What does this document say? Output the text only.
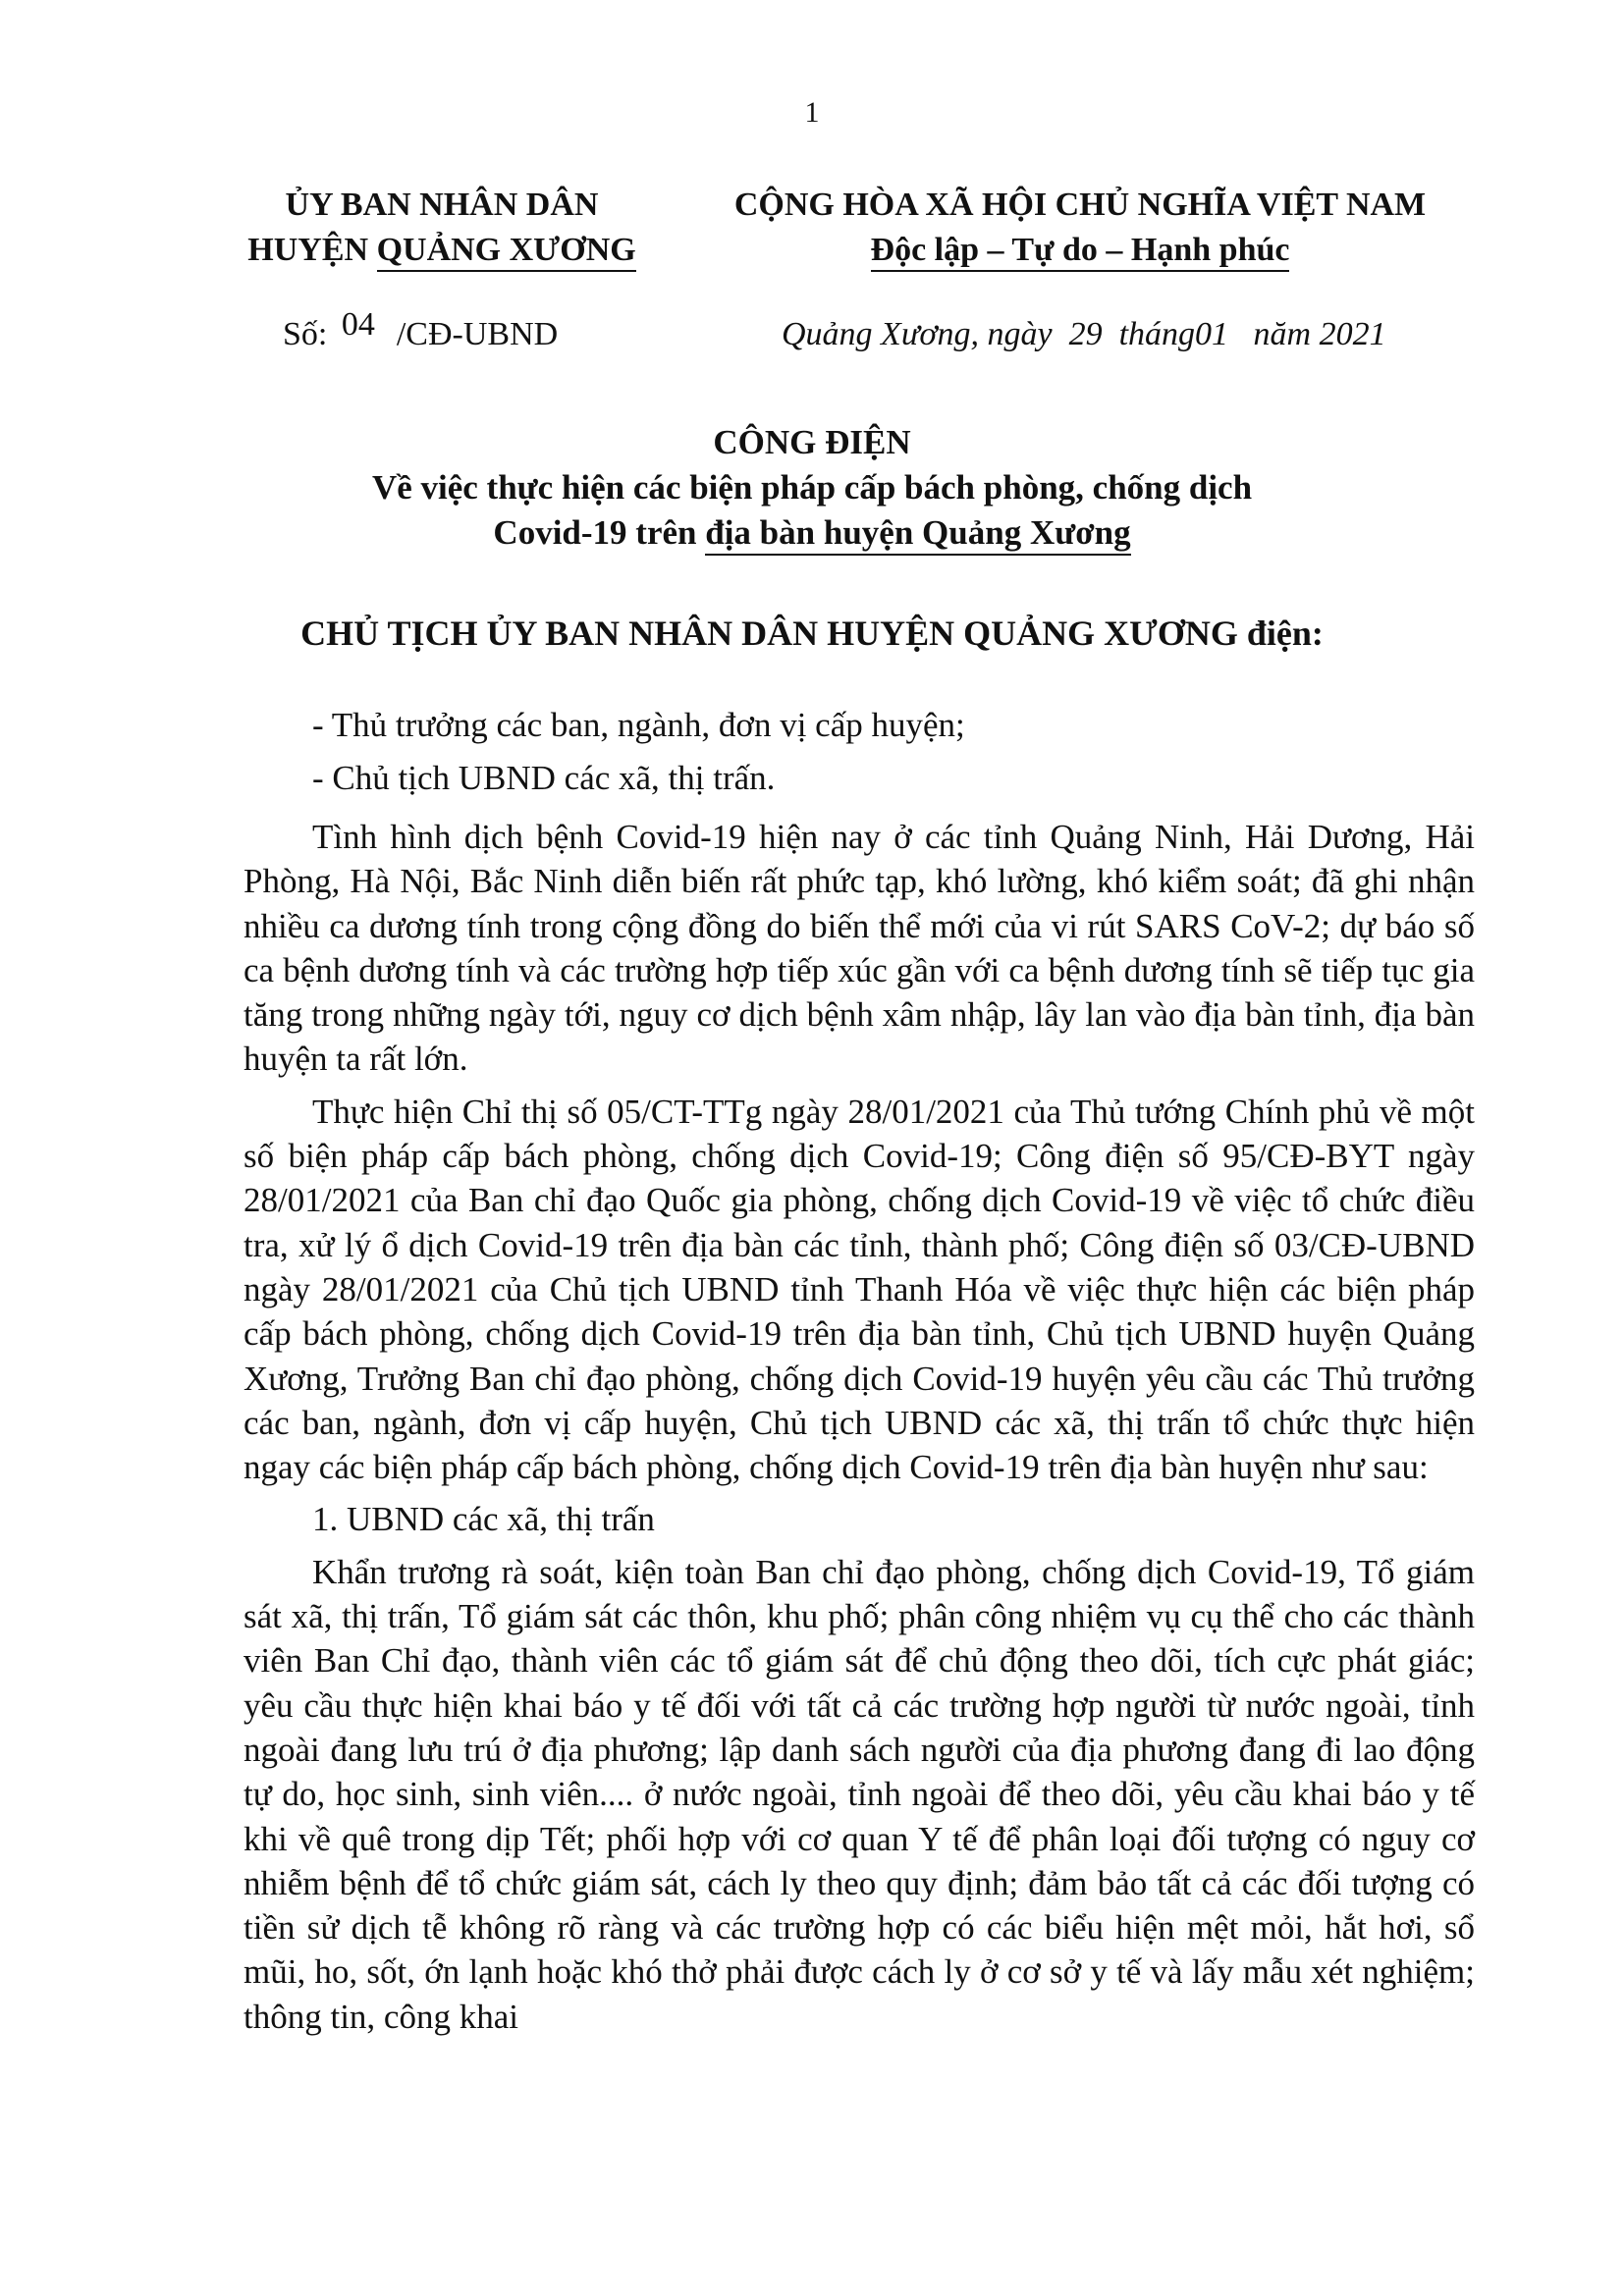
1
ỦY BAN NHÂN DÂN
HUYỆN QUẢNG XƯƠNG
CỘNG HÒA XÃ HỘI CHỦ NGHĨA VIỆT NAM
Độc lập – Tự do – Hạnh phúc
Số: 04 /CĐ-UBND	Quảng Xương, ngày  29  tháng01   năm 2021
CÔNG ĐIỆN
Về việc thực hiện các biện pháp cấp bách phòng, chống dịch
Covid-19 trên địa bàn huyện Quảng Xương
CHỦ TỊCH ỦY BAN NHÂN DÂN HUYỆN QUẢNG XƯƠNG điện:
- Thủ trưởng các ban, ngành, đơn vị cấp huyện;
- Chủ tịch UBND các xã, thị trấn.

Tình hình dịch bệnh Covid-19 hiện nay ở các tỉnh Quảng Ninh, Hải Dương, Hải Phòng, Hà Nội, Bắc Ninh diễn biến rất phức tạp, khó lường, khó kiểm soát; đã ghi nhận nhiều ca dương tính trong cộng đồng do biến thể mới của vi rút SARS CoV-2; dự báo số ca bệnh dương tính và các trường hợp tiếp xúc gần với ca bệnh dương tính sẽ tiếp tục gia tăng trong những ngày tới, nguy cơ dịch bệnh xâm nhập, lây lan vào địa bàn tỉnh, địa bàn huyện ta rất lớn.

Thực hiện Chỉ thị số 05/CT-TTg ngày 28/01/2021 của Thủ tướng Chính phủ về một số biện pháp cấp bách phòng, chống dịch Covid-19; Công điện số 95/CĐ-BYT ngày 28/01/2021 của Ban chỉ đạo Quốc gia phòng, chống dịch Covid-19 về việc tổ chức điều tra, xử lý ổ dịch Covid-19 trên địa bàn các tỉnh, thành phố; Công điện số 03/CĐ-UBND ngày 28/01/2021 của Chủ tịch UBND tỉnh Thanh Hóa về việc thực hiện các biện pháp cấp bách phòng, chống dịch Covid-19 trên địa bàn tỉnh, Chủ tịch UBND huyện Quảng Xương, Trưởng Ban chỉ đạo phòng, chống dịch Covid-19 huyện yêu cầu các Thủ trưởng các ban, ngành, đơn vị cấp huyện, Chủ tịch UBND các xã, thị trấn tổ chức thực hiện ngay các biện pháp cấp bách phòng, chống dịch Covid-19 trên địa bàn huyện như sau:

1. UBND các xã, thị trấn

Khẩn trương rà soát, kiện toàn Ban chỉ đạo phòng, chống dịch Covid-19, Tổ giám sát xã, thị trấn, Tổ giám sát các thôn, khu phố; phân công nhiệm vụ cụ thể cho các thành viên Ban Chỉ đạo, thành viên các tổ giám sát để chủ động theo dõi, tích cực phát giác; yêu cầu thực hiện khai báo y tế đối với tất cả các trường hợp người từ nước ngoài, tỉnh ngoài đang lưu trú ở địa phương; lập danh sách người của địa phương đang đi lao động tự do, học sinh, sinh viên.... ở nước ngoài, tỉnh ngoài để theo dõi, yêu cầu khai báo y tế khi về quê trong dịp Tết; phối hợp với cơ quan Y tế để phân loại đối tượng có nguy cơ nhiễm bệnh để tổ chức giám sát, cách ly theo quy định; đảm bảo tất cả các đối tượng có tiền sử dịch tễ không rõ ràng và các trường hợp có các biểu hiện mệt mỏi, hắt hơi, sổ mũi, ho, sốt, ớn lạnh hoặc khó thở phải được cách ly ở cơ sở y tế và lấy mẫu xét nghiệm; thông tin, công khai
